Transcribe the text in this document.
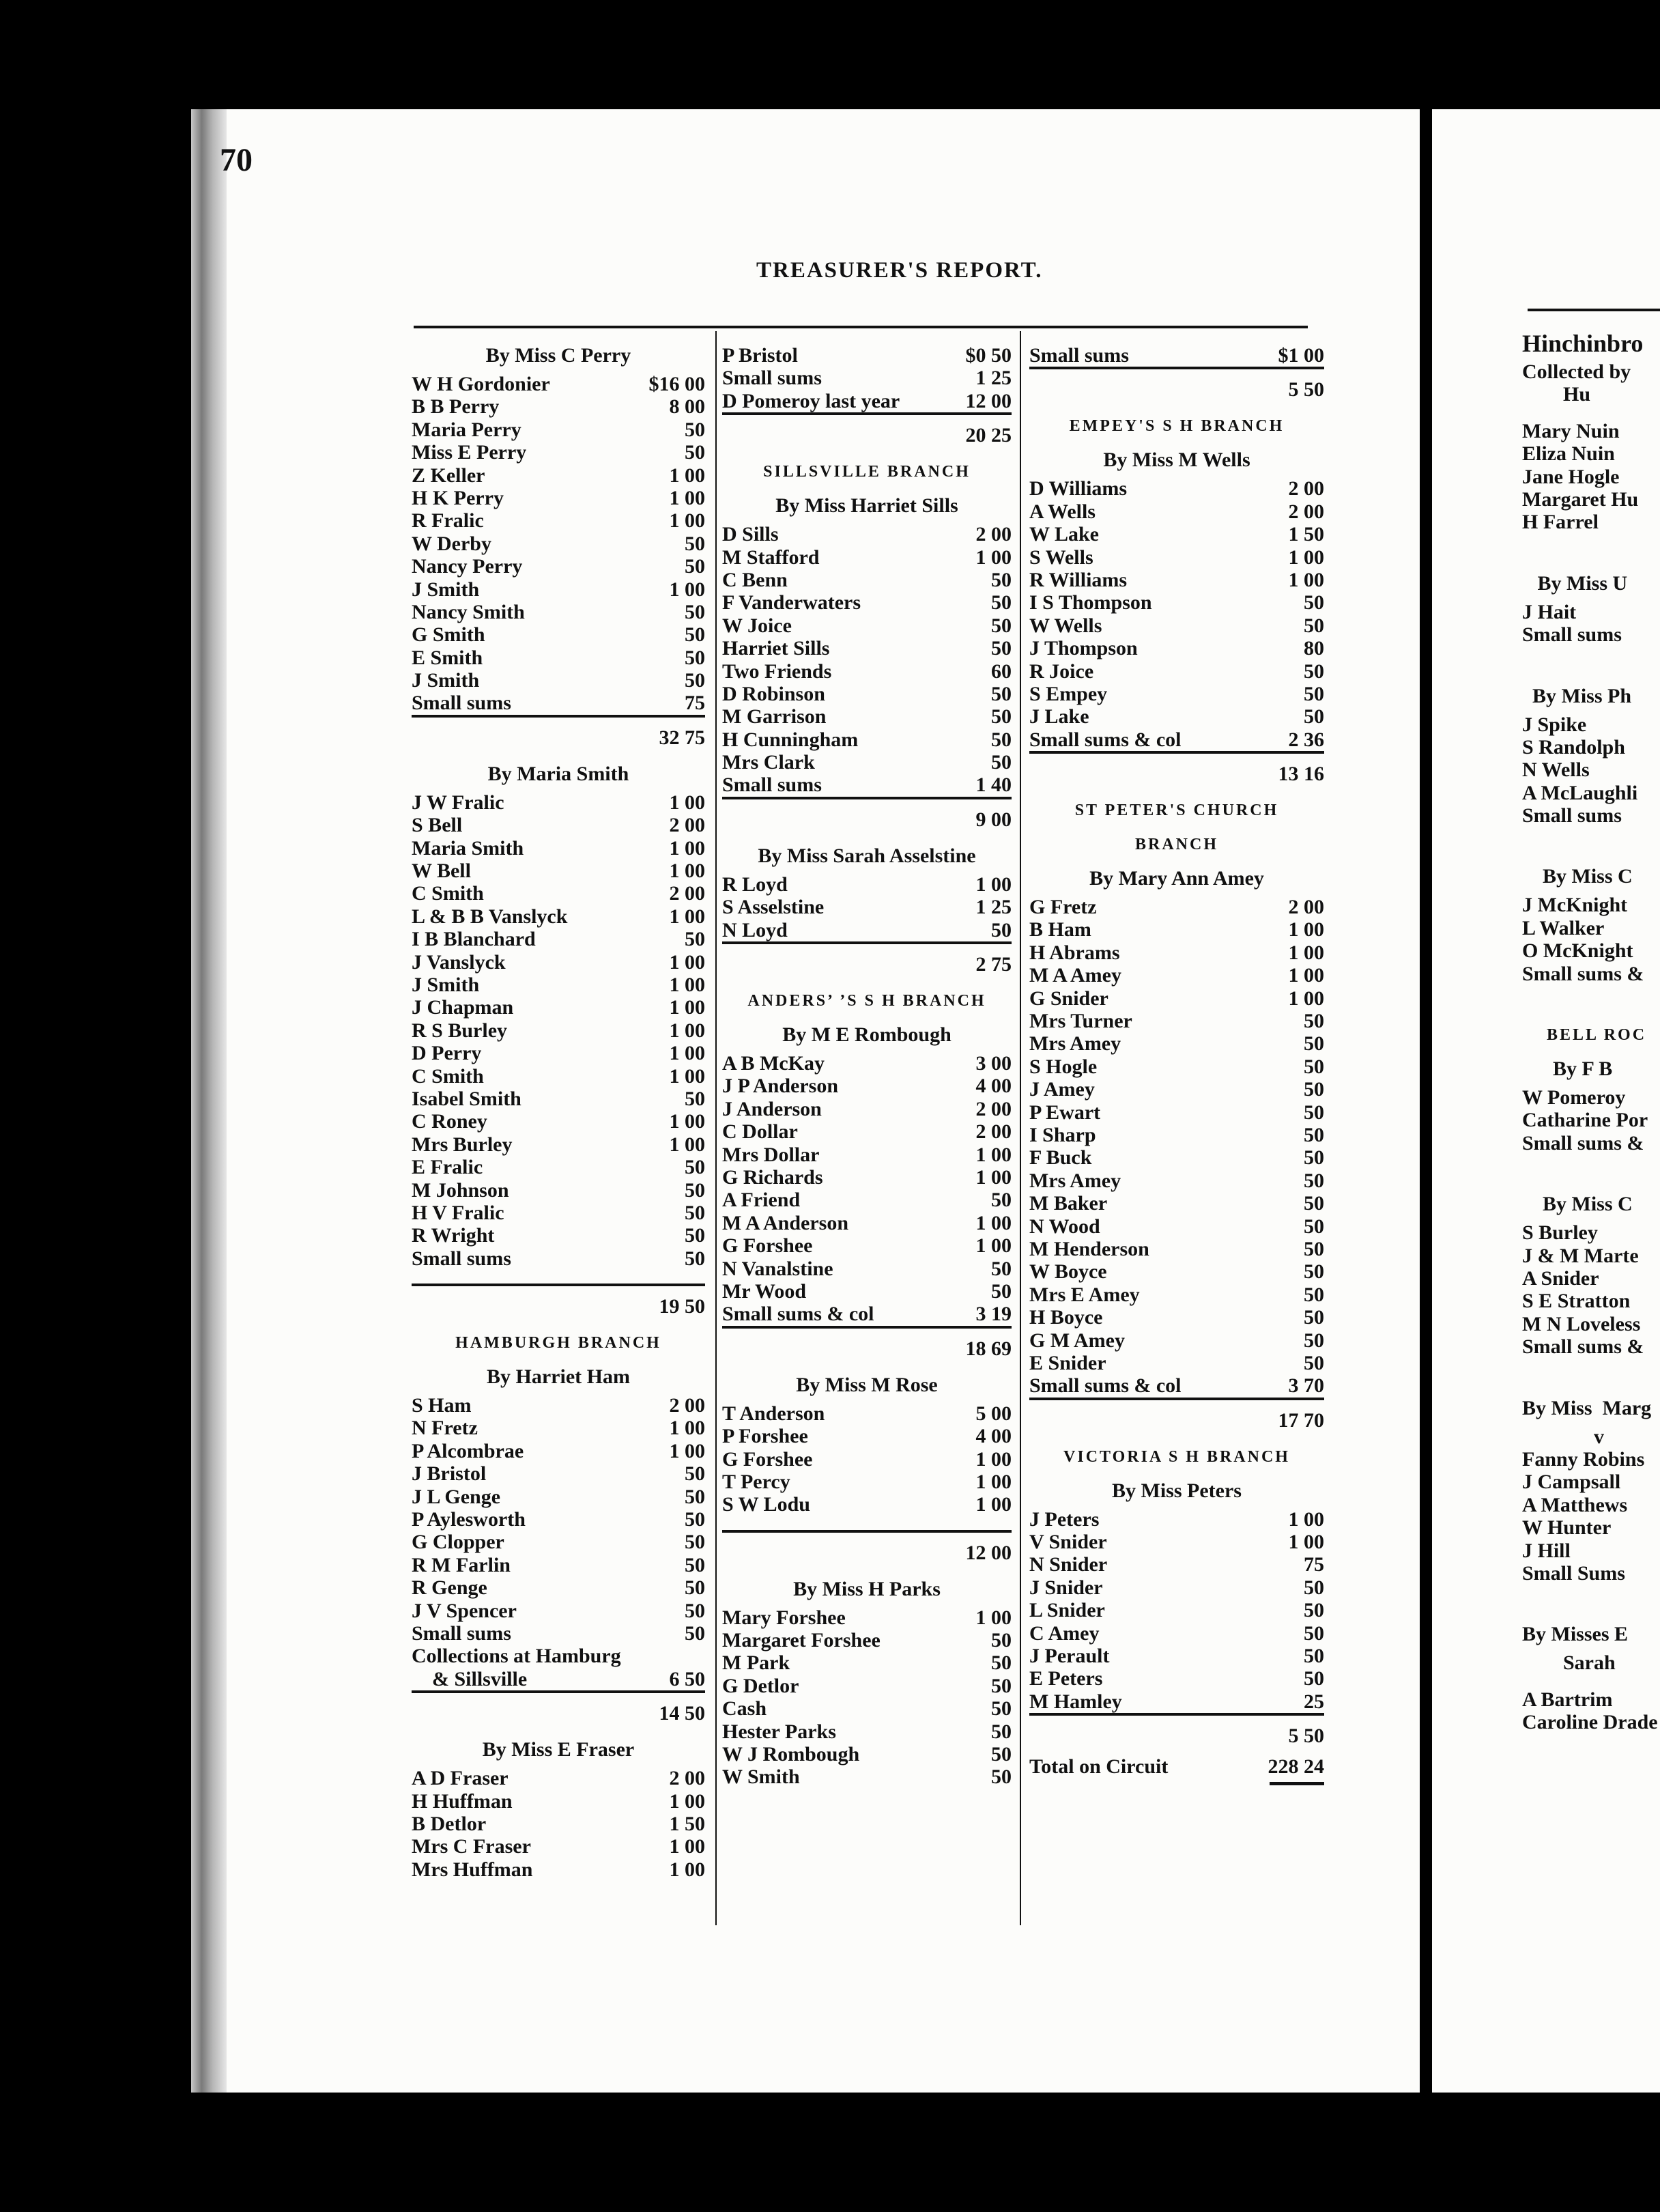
70
TREASURER'S REPORT.
By Miss C Perry
W H Gordonier	$16 00
B B Perry	8 00
Maria Perry	50
Miss E Perry	50
Z Keller	1 00
H K Perry	1 00
R Fralic	1 00
W Derby	50
Nancy Perry	50
J Smith	1 00
Nancy Smith	50
G Smith	50
E Smith	50
J Smith	50
Small sums	75
32 75
By Maria Smith
J W Fralic	1 00
S Bell	2 00
Maria Smith	1 00
W Bell	1 00
C Smith	2 00
L & B B Vanslyck	1 00
I B Blanchard	50
J Vanslyck	1 00
J Smith	1 00
J Chapman	1 00
R S Burley	1 00
D Perry	1 00
C Smith	1 00
Isabel Smith	50
C Roney	1 00
Mrs Burley	1 00
E Fralic	50
M Johnson	50
H V Fralic	50
R Wright	50
Small sums	50
19 50
HAMBURGH BRANCH
By Harriet Ham
S Ham	2 00
N Fretz	1 00
P Alcombrae	1 00
J Bristol	50
J L Genge	50
P Aylesworth	50
G Clopper	50
R M Farlin	50
R Genge	50
J V Spencer	50
Small sums	50
Collections at Hamburg
& Sillsville	6 50
14 50
By Miss E Fraser
A D Fraser	2 00
H Huffman	1 00
B Detlor	1 50
Mrs C Fraser	1 00
Mrs Huffman	1 00
P Bristol	$0 50
Small sums	1 25
D Pomeroy last year	12 00
20 25
SILLSVILLE BRANCH
By Miss Harriet Sills
D Sills	2 00
M Stafford	1 00
C Benn	50
F Vanderwaters	50
W Joice	50
Harriet Sills	50
Two Friends	60
D Robinson	50
M Garrison	50
H Cunningham	50
Mrs Clark	50
Small sums	1 40
9 00
By Miss Sarah Asselstine
R Loyd	1 00
S Asselstine	1 25
N Loyd	50
2 75
ANDERS’ ’S S H BRANCH
By M E Rombough
A B McKay	3 00
J P Anderson	4 00
J Anderson	2 00
C Dollar	2 00
Mrs Dollar	1 00
G Richards	1 00
A Friend	50
M A Anderson	1 00
G Forshee	1 00
N Vanalstine	50
Mr Wood	50
Small sums & col	3 19
18 69
By Miss M Rose
T Anderson	5 00
P Forshee	4 00
G Forshee	1 00
T Percy	1 00
S W Lodu	1 00
12 00
By Miss H Parks
Mary Forshee	1 00
Margaret Forshee	50
M Park	50
G Detlor	50
Cash	50
Hester Parks	50
W J Rombough	50
W Smith	50
Small sums	$1 00
5 50
EMPEY'S S H BRANCH
By Miss M Wells
D Williams	2 00
A Wells	2 00
W Lake	1 50
S Wells	1 00
R Williams	1 00
I S Thompson	50
W Wells	50
J Thompson	80
R Joice	50
S Empey	50
J Lake	50
Small sums & col	2 36
13 16
ST PETER'S CHURCH
BRANCH
By Mary Ann Amey
G Fretz	2 00
B Ham	1 00
H Abrams	1 00
M A Amey	1 00
G Snider	1 00
Mrs Turner	50
Mrs Amey	50
S Hogle	50
J Amey	50
P Ewart	50
I Sharp	50
F Buck	50
Mrs Amey	50
M Baker	50
N Wood	50
M Henderson	50
W Boyce	50
Mrs E Amey	50
H Boyce	50
G M Amey	50
E Snider	50
Small sums & col	3 70
17 70
VICTORIA S H BRANCH
By Miss Peters
J Peters	1 00
V Snider	1 00
N Snider	75
J Snider	50
L Snider	50
C Amey	50
J Perault	50
E Peters	50
M Hamley	25
5 50
Total on Circuit	228 24
Hinchinbro
Collected by
Hu
Mary Nuin
Eliza Nuin
Jane Hogle
Margaret Hu
H Farrel
By Miss U
J Hait
Small sums
By Miss Ph
J Spike
S Randolph
N Wells
A McLaughli
Small sums
By Miss C
J McKnight
L Walker
O McKnight
Small sums &
BELL ROC
By F B
W Pomeroy
Catharine Por
Small sums &
By Miss C
S Burley
J & M Marte
A Snider
S E Stratton
M N Loveless
Small sums &
By Miss  Marg
v
Fanny Robins
J Campsall
A Matthews
W Hunter
J Hill
Small Sums
By Misses E
Sarah
A Bartrim
Caroline Drade
